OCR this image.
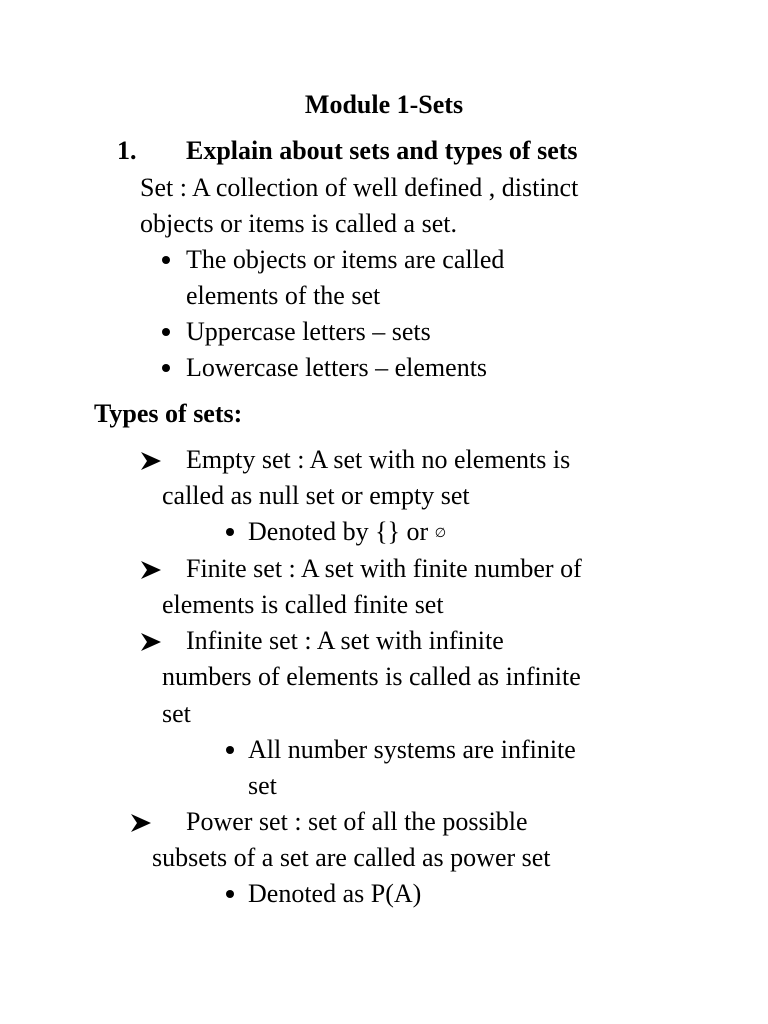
Module 1-Sets
1. Explain about sets and types of sets
Set : A collection of well defined , distinct
objects or items is called a set.
The objects or items are called
elements of the set
Uppercase letters – sets
Lowercase letters – elements
Types of sets:
Empty set : A set with no elements is
called as null set or empty set
Denoted by {} or ∅
Finite set : A set with finite number of
elements is called finite set
Infinite set : A set with infinite
numbers of elements is called as infinite
set
All number systems are infinite
set
Power set : set of all the possible
subsets of a set are called as power set
Denoted as P(A)
